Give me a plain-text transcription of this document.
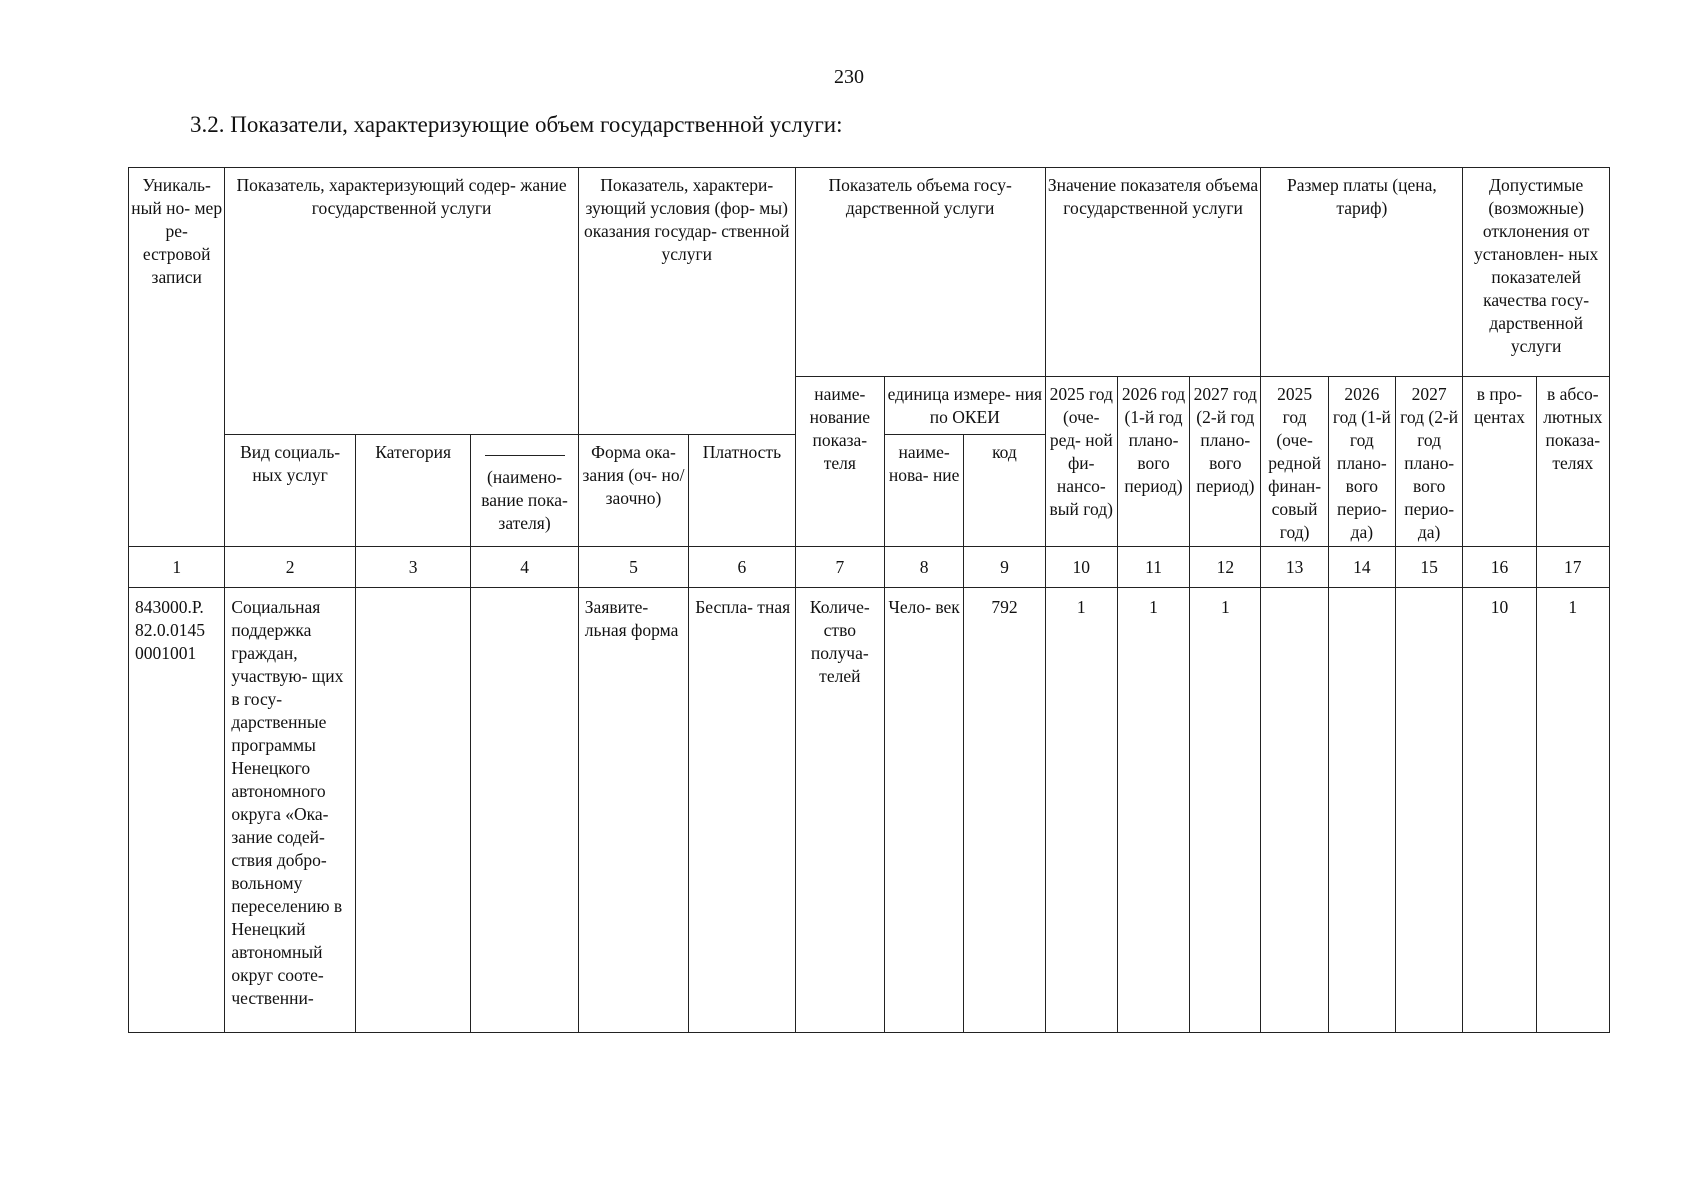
230
3.2. Показатели, характеризующие объем государственной услуги:
Уникаль- ный но- мер ре- естровой записи	Показатель, характеризующий содер- жание государственной услуги			Показатель, характери- зующий условия (фор- мы) оказания государ- ственной услуги		Показатель объема госу- дарственной услуги			Значение показателя объема государственной услуги			Размер платы (цена, тариф)			Допустимые (возможные) отклонения от установлен- ных показателей качества госу- дарственной услуги	
						наиме- нование показа- теля	единица измере- ния по ОКЕИ		2025 год (оче- ред- ной фи- нансо- вый год)	2026 год (1-й год плано- вого период)	2027 год (2-й год плано- вого период)	2025 год (оче- редной финан- совый год)	2026 год (1-й год плано- вого перио- да)	2027 год (2-й год плано- вого перио- да)	в про- центах	в абсо- лютных показа- телях
	Вид социаль- ных услуг	Категория	(наимено- вание пока- зателя)	Форма ока- зания (оч- но/заочно)	Платность		наиме- нова- ние	код								
1	2	3	4	5	6	7	8	9	10	11	12	13	14	15	16	17
843000.Р. 82.0.0145 0001001	Социальная поддержка граждан, участвую- щих в госу- дарственные программы Ненецкого автономного округа «Ока- зание содей- ствия добро- вольному переселению в Ненецкий автономный округ сооте- чественни-			Заявите- льная форма	Беспла- тная	Количе- ство получа- телей	Чело- век	792	1	1	1				10	1
